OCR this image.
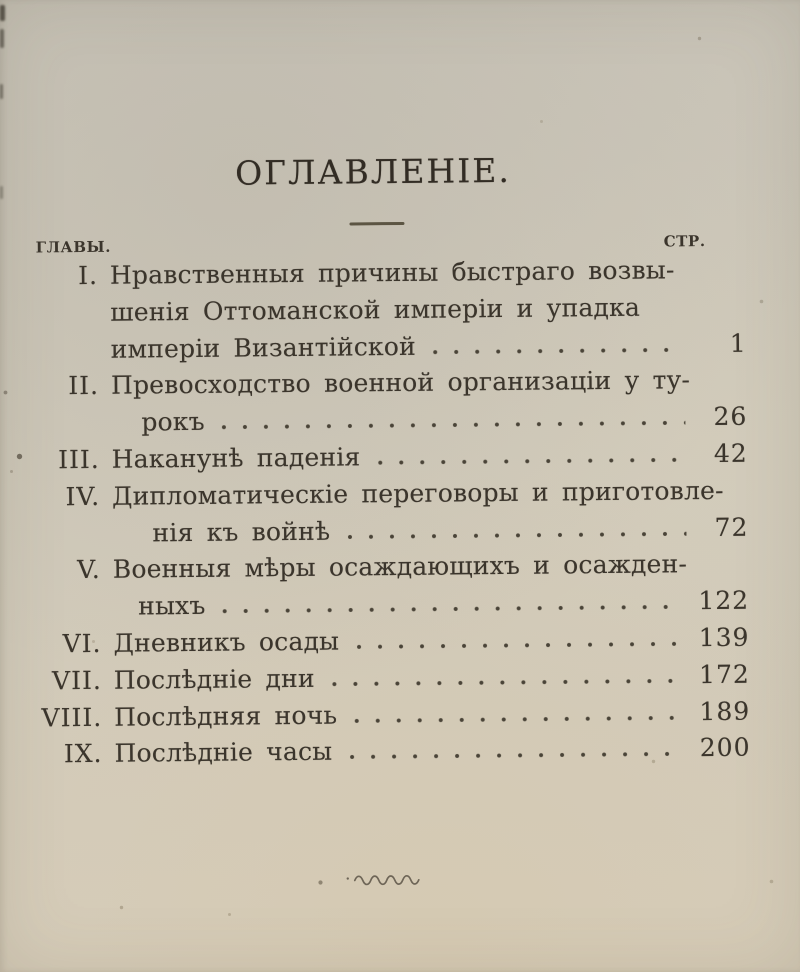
ОГЛАВЛЕНІЕ.
ГЛАВЫ.	СТР.
I. Нравственныя причины быстраго возвы-
шенія Оттоманской имперіи и упадка
имперіи Византійской	1
II. Превосходство военной организаціи у ту-
рокъ	26
III. Наканунѣ паденія	42
IV. Дипломатическіе переговоры и приготовле-
нія къ войнѣ	72
V. Военныя мѣры осаждающихъ и осажден-
ныхъ	122
VI. Дневникъ осады	139
VII. Послѣдніе дни	172
VIII. Послѣдняя ночь	189
IX. Послѣдніе часы	200
